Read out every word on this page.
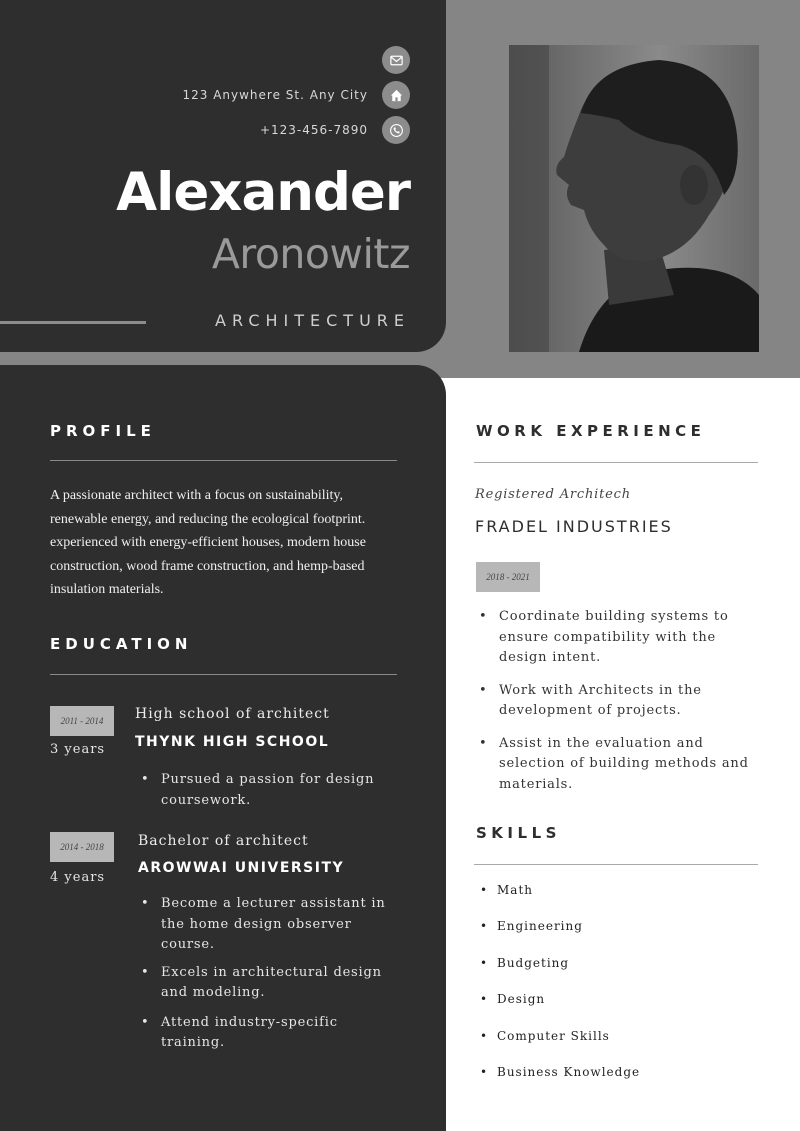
123 Anywhere St. Any City
+123-456-7890
Alexander
Aronowitz
ARCHITECTURE
PROFILE
A passionate architect with a focus on sustainability,
renewable energy, and reducing the ecological footprint.
experienced with energy-efficient houses, modern house
construction, wood frame construction, and hemp-based
insulation materials.
EDUCATION
2011 - 2014
3 years
High school of architect
THYNK HIGH SCHOOL
• Pursued a passion for design
coursework.
2014 - 2018
4 years
Bachelor of architect
AROWWAI UNIVERSITY
• Become a lecturer assistant in
the home design observer
course.
• Excels in architectural design
and modeling.
• Attend industry-specific
training.
WORK EXPERIENCE
Registered Architech
FRADEL INDUSTRIES
2018 - 2021
• Coordinate building systems to
ensure compatibility with the
design intent.
• Work with Architects in the
development of projects.
• Assist in the evaluation and
selection of building methods and
materials.
SKILLS
• Math
• Engineering
• Budgeting
• Design
• Computer Skills
• Business Knowledge
